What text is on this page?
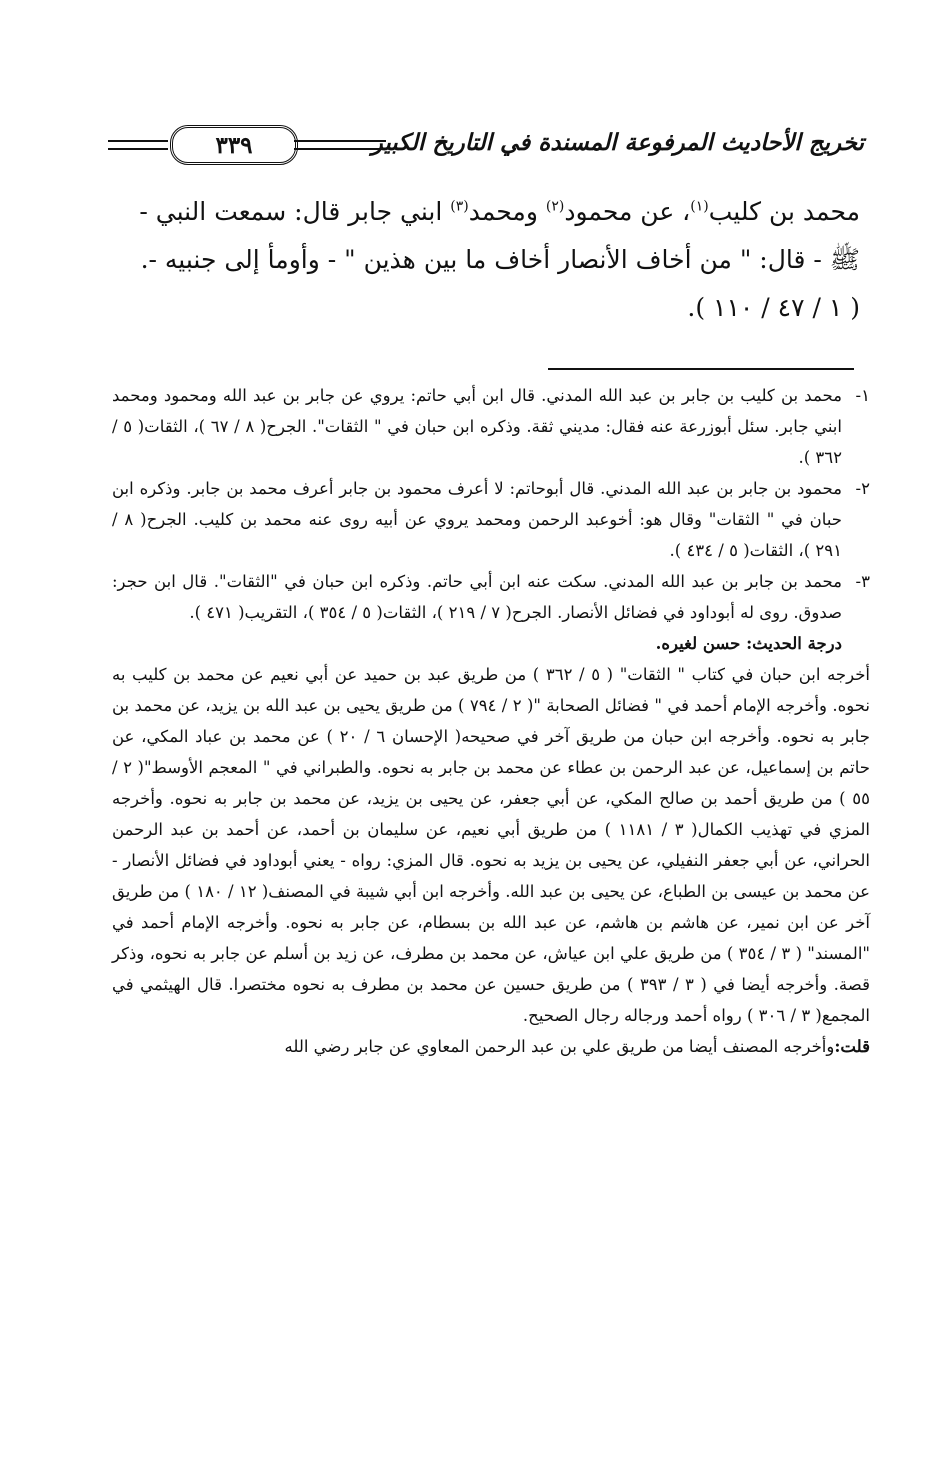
٣٣٩	تخريج الأحاديث المرفوعة المسندة في التاريخ الكبير

محمد بن كليب$^{(١)}$، عن محمود$^{(٢)}$ ومحمد$^{(٣)}$ ابني جابر قال: سمعت النبي -

ﷺ - قال: " من أخاف الأنصار أخاف ما بين هذين " - وأومأ إلى جنبيه -.

( ١ / ٤٧ / ١١٠ ).

١-

محمد بن كليب بن جابر بن عبد الله المدني. قال ابن أبي حاتم: يروي عن جابر بن عبد الله ومحمود ومحمد ابني جابر. سئل أبوزرعة عنه فقال: مديني ثقة. وذكره ابن حبان في " الثقات". الجرح( ٨ / ٦٧ )، الثقات( ٥ / ٣٦٢ ).

٢-

محمود بن جابر بن عبد الله المدني. قال أبوحاتم: لا أعرف محمود بن جابر أعرف محمد بن جابر. وذكره ابن حبان في " الثقات" وقال هو: أخوعبد الرحمن ومحمد يروي عن أبيه روى عنه محمد بن كليب. الجرح( ٨ / ٢٩١ )، الثقات( ٥ / ٤٣٤ ).

٣-

محمد بن جابر بن عبد الله المدني. سكت عنه ابن أبي حاتم. وذكره ابن حبان في "الثقات". قال ابن حجر: صدوق. روى له أبوداود في فضائل الأنصار. الجرح( ٧ / ٢١٩ )، الثقات( ٥ / ٣٥٤ )، التقريب( ٤٧١ ).

درجة الحديث: حسن لغيره.

أخرجه ابن حبان في كتاب " الثقات" ( ٥ / ٣٦٢ ) من طريق عبد بن حميد عن أبي نعيم عن محمد بن كليب به نحوه. وأخرجه الإمام أحمد في " فضائل الصحابة "( ٢ / ٧٩٤ ) من طريق يحيى بن عبد الله بن يزيد، عن محمد بن جابر به نحوه. وأخرجه ابن حبان من طريق آخر في صحيحه( الإحسان ٦ / ٢٠ ) عن محمد بن عباد المكي، عن حاتم بن إسماعيل، عن عبد الرحمن بن عطاء عن محمد بن جابر به نحوه. والطبراني في " المعجم الأوسط"( ٢ / ٥٥ ) من طريق أحمد بن صالح المكي، عن أبي جعفر، عن يحيى بن يزيد، عن محمد بن جابر به نحوه. وأخرجه المزي في تهذيب الكمال( ٣ / ١١٨١ ) من طريق أبي نعيم، عن سليمان بن أحمد، عن أحمد بن عبد الرحمن الحراني، عن أبي جعفر النفيلي، عن يحيى بن يزيد به نحوه. قال المزي: رواه - يعني أبوداود في فضائل الأنصار - عن محمد بن عيسى بن الطباع، عن يحيى بن عبد الله. وأخرجه ابن أبي شيبة في المصنف( ١٢ / ١٨٠ ) من طريق آخر عن ابن نمير، عن هاشم بن هاشم، عن عبد الله بن بسطام، عن جابر به نحوه. وأخرجه الإمام أحمد في "المسند" ( ٣ / ٣٥٤ ) من طريق علي ابن عياش، عن محمد بن مطرف، عن زيد بن أسلم عن جابر به نحوه، وذكر قصة. وأخرجه أيضا في ( ٣ / ٣٩٣ ) من طريق حسين عن محمد بن مطرف به نحوه مختصرا. قال الهيثمي في المجمع( ٣ / ٣٠٦ ) رواه أحمد ورجاله رجال الصحيح.

قلت:وأخرجه المصنف أيضا من طريق علي بن عبد الرحمن المعاوي عن جابر رضي الله
